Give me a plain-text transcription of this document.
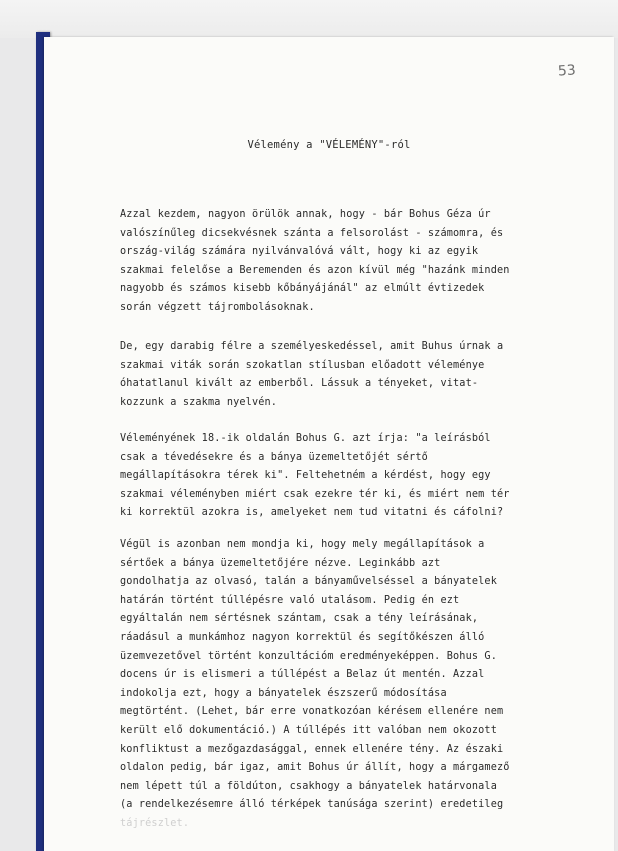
53
Vélemény a "VÉLEMÉNY"-ról

Azzal kezdem, nagyon örülök annak, hogy - bár Bohus Géza úr
valószínűleg dicsekvésnek szánta a felsorolást - számomra, és
ország-világ számára nyilvánvalóvá vált, hogy ki az egyik
szakmai felelőse a Beremenden és azon kívül még "hazánk minden
nagyobb és számos kisebb kőbányájánál" az elmúlt évtizedek
során végzett tájrombolásoknak.

De, egy darabig félre a személyeskedéssel, amit Buhus úrnak a
szakmai viták során szokatlan stílusban előadott véleménye
óhatatlanul kivált az emberből. Lássuk a tényeket, vitat-
kozzunk a szakma nyelvén.

Véleményének 18.-ik oldalán Bohus G. azt írja: "a leírásból
csak a tévedésekre és a bánya üzemeltetőjét sértő
megállapításokra térek ki". Feltehetném a kérdést, hogy egy
szakmai véleményben miért csak ezekre tér ki, és miért nem tér
ki korrektül azokra is, amelyeket nem tud vitatni és cáfolni?

Végül is azonban nem mondja ki, hogy mely megállapítások a
sértőek a bánya üzemeltetőjére nézve. Leginkább azt
gondolhatja az olvasó, talán a bányaművelséssel a bányatelek
határán történt túllépésre való utalásom. Pedig én ezt
egyáltalán nem sértésnek szántam, csak a tény leírásának,
ráadásul a munkámhoz nagyon korrektül és segítőkészen álló
üzemvezetővel történt konzultációm eredményeképpen. Bohus G.
docens úr is elismeri a túllépést a Belaz út mentén. Azzal
indokolja ezt, hogy a bányatelek észszerű módosítása
megtörtént. (Lehet, bár erre vonatkozóan kérésem ellenére nem
került elő dokumentáció.) A túllépés itt valóban nem okozott
konfliktust a mezőgazdasággal, ennek ellenére tény. Az északi
oldalon pedig, bár igaz, amit Bohus úr állít, hogy a márgamező
nem lépett túl a földúton, csakhogy a bányatelek határvonala
(a rendelkezésemre álló térképek tanúsága szerint) eredetileg
tájrészlet.
